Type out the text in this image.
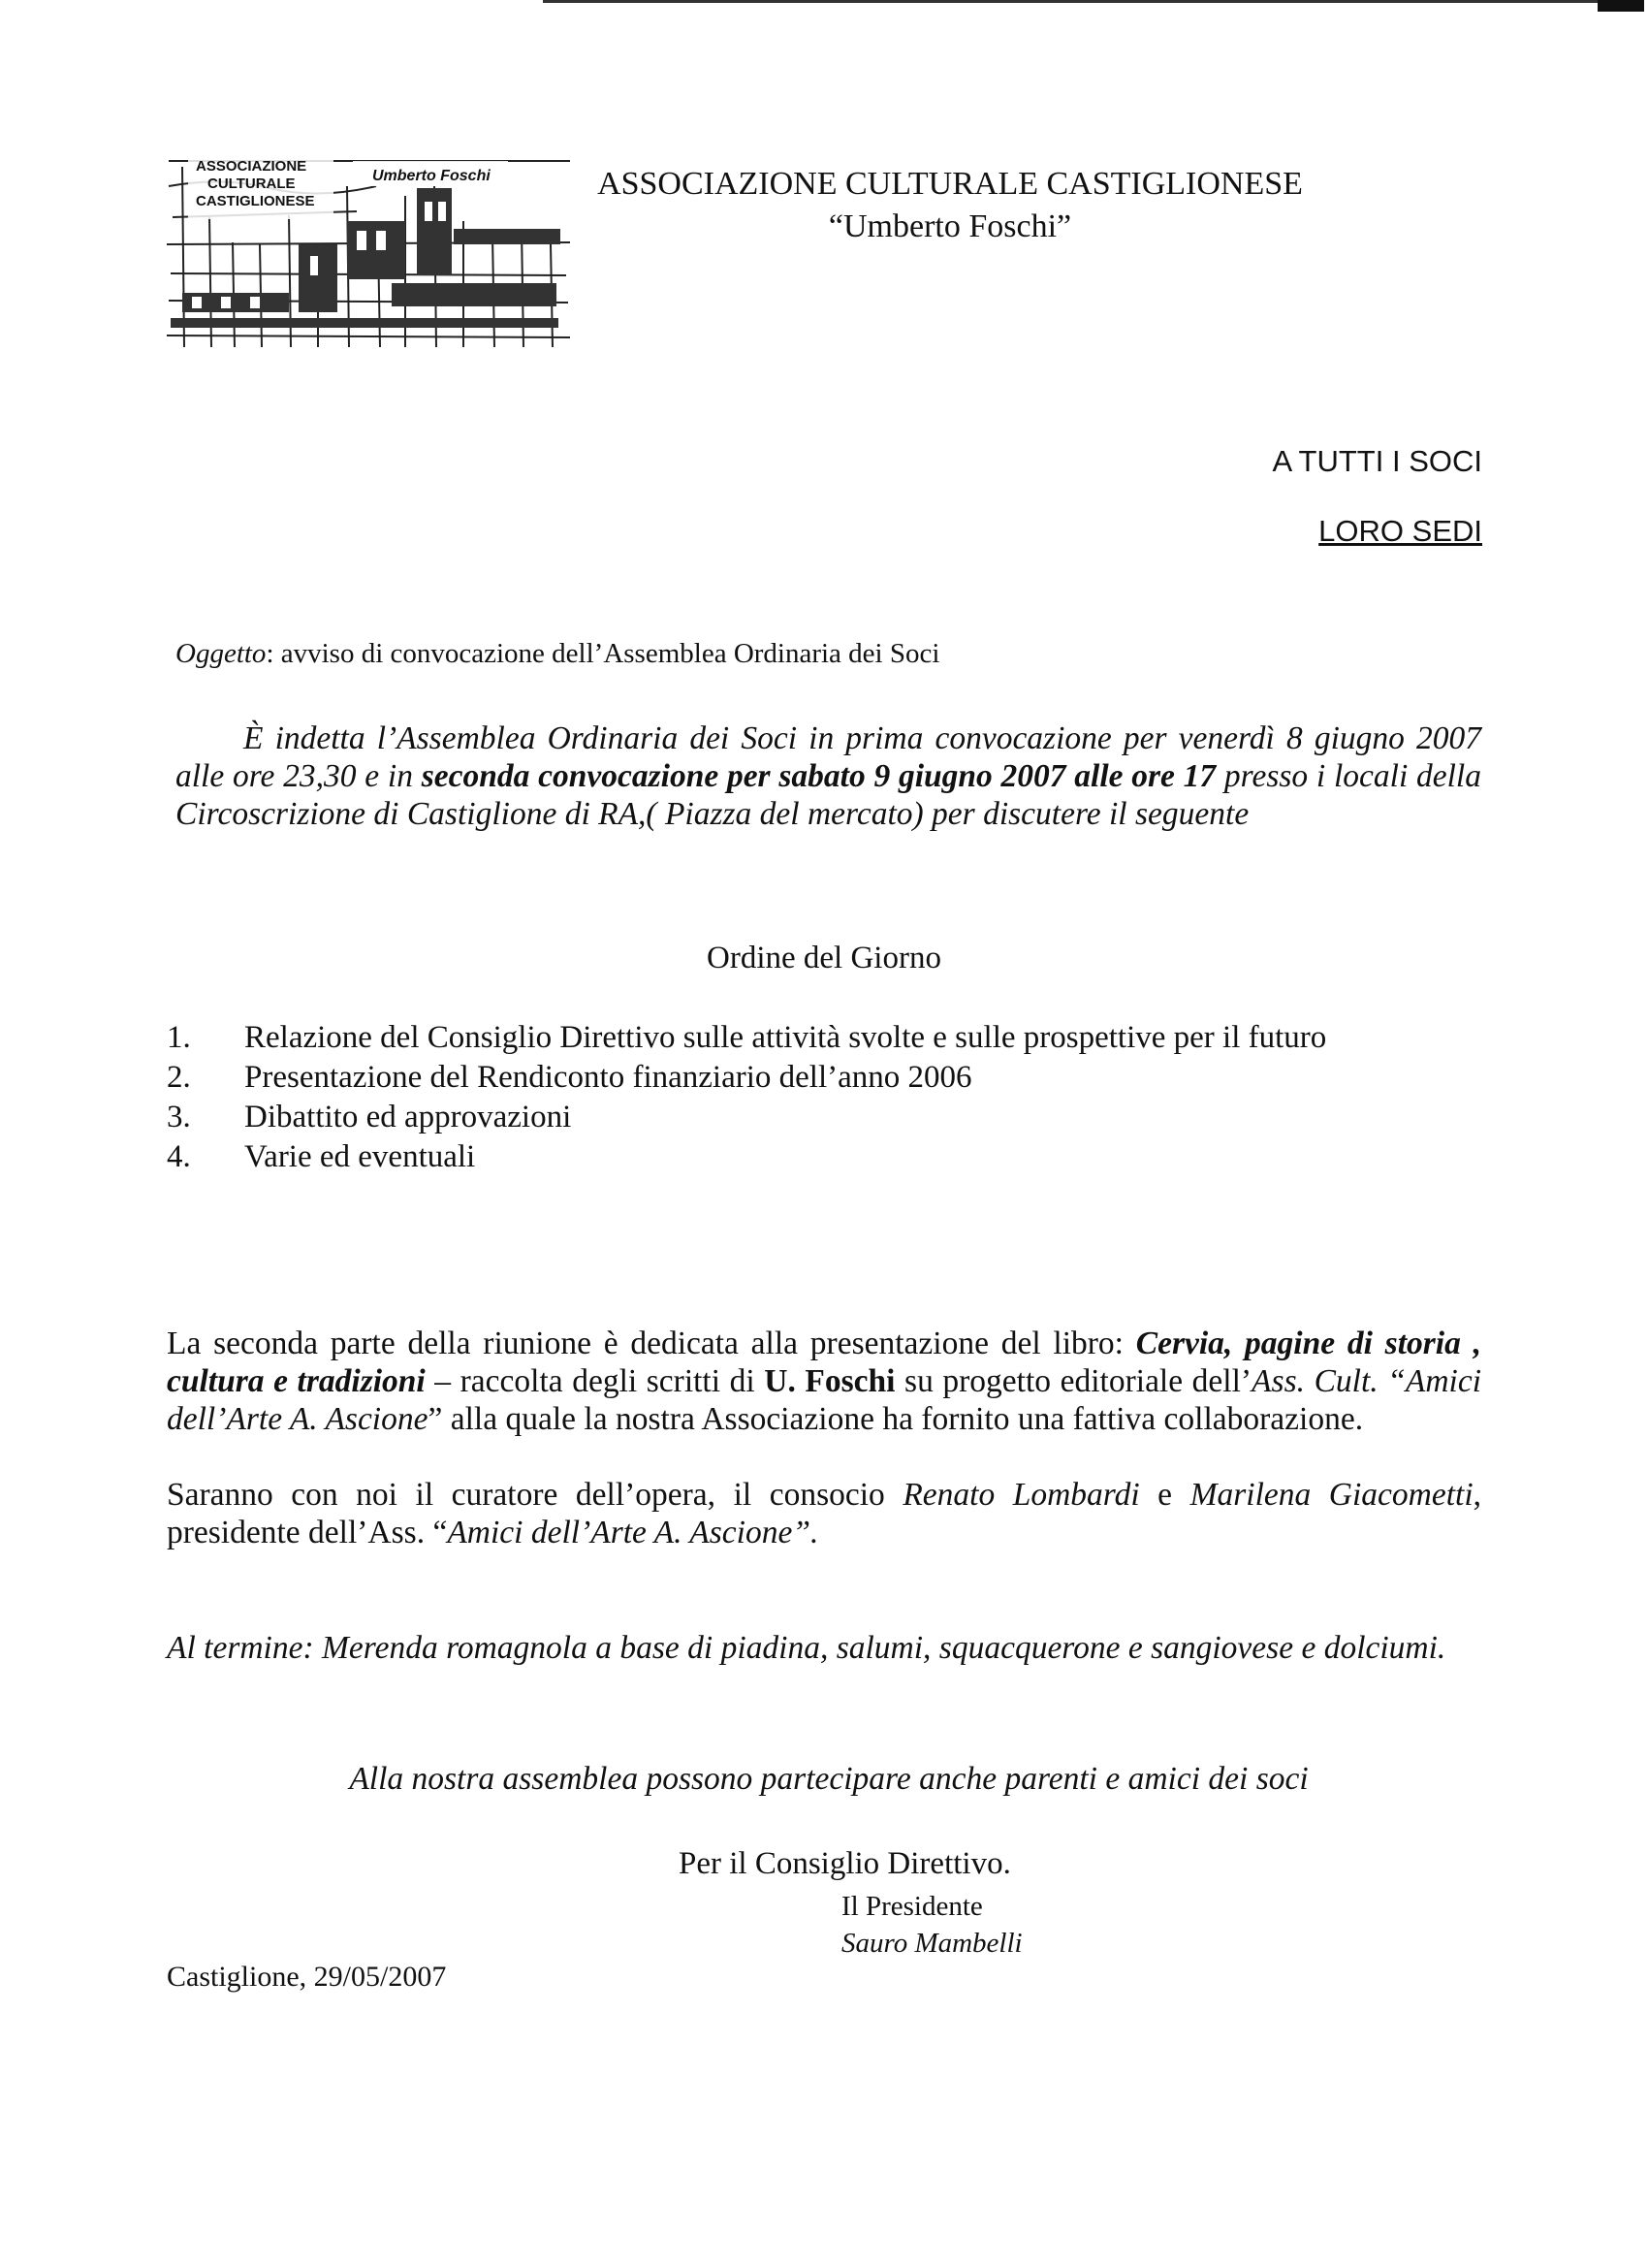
ASSOCIAZIONE
CULTURALE
CASTIGLIONESE
Umberto Foschi	ASSOCIAZIONE CULTURALE CASTIGLIONESE
“Umberto Foschi”
A TUTTI I SOCI
LORO SEDI
Oggetto: avviso di convocazione dell’Assemblea Ordinaria dei Soci
È indetta l’Assemblea Ordinaria dei Soci in prima convocazione per venerdì 8 giugno 2007 alle ore 23,30 e in seconda convocazione per sabato 9 giugno 2007 alle ore 17 presso i locali della Circoscrizione di Castiglione di RA,( Piazza del mercato) per discutere il seguente
Ordine del Giorno
1. Relazione del Consiglio Direttivo sulle attività svolte e sulle prospettive per il futuro
2. Presentazione del Rendiconto finanziario dell’anno 2006
3. Dibattito ed approvazioni
4. Varie ed eventuali
La seconda parte della riunione è dedicata alla presentazione del libro: Cervia, pagine di storia , cultura e tradizioni – raccolta degli scritti di U. Foschi su progetto editoriale dell’Ass. Cult. “Amici dell’Arte A. Ascione” alla quale la nostra Associazione ha fornito una fattiva collaborazione.
Saranno con noi il curatore dell’opera, il consocio Renato Lombardi e Marilena Giacometti, presidente dell’Ass. “Amici dell’Arte A. Ascione”.
Al termine: Merenda romagnola a base di piadina, salumi, squacquerone e sangiovese e dolciumi.
Alla nostra assemblea possono partecipare anche parenti e amici dei soci
Per il Consiglio Direttivo.
Il Presidente
Sauro Mambelli
Castiglione, 29/05/2007
